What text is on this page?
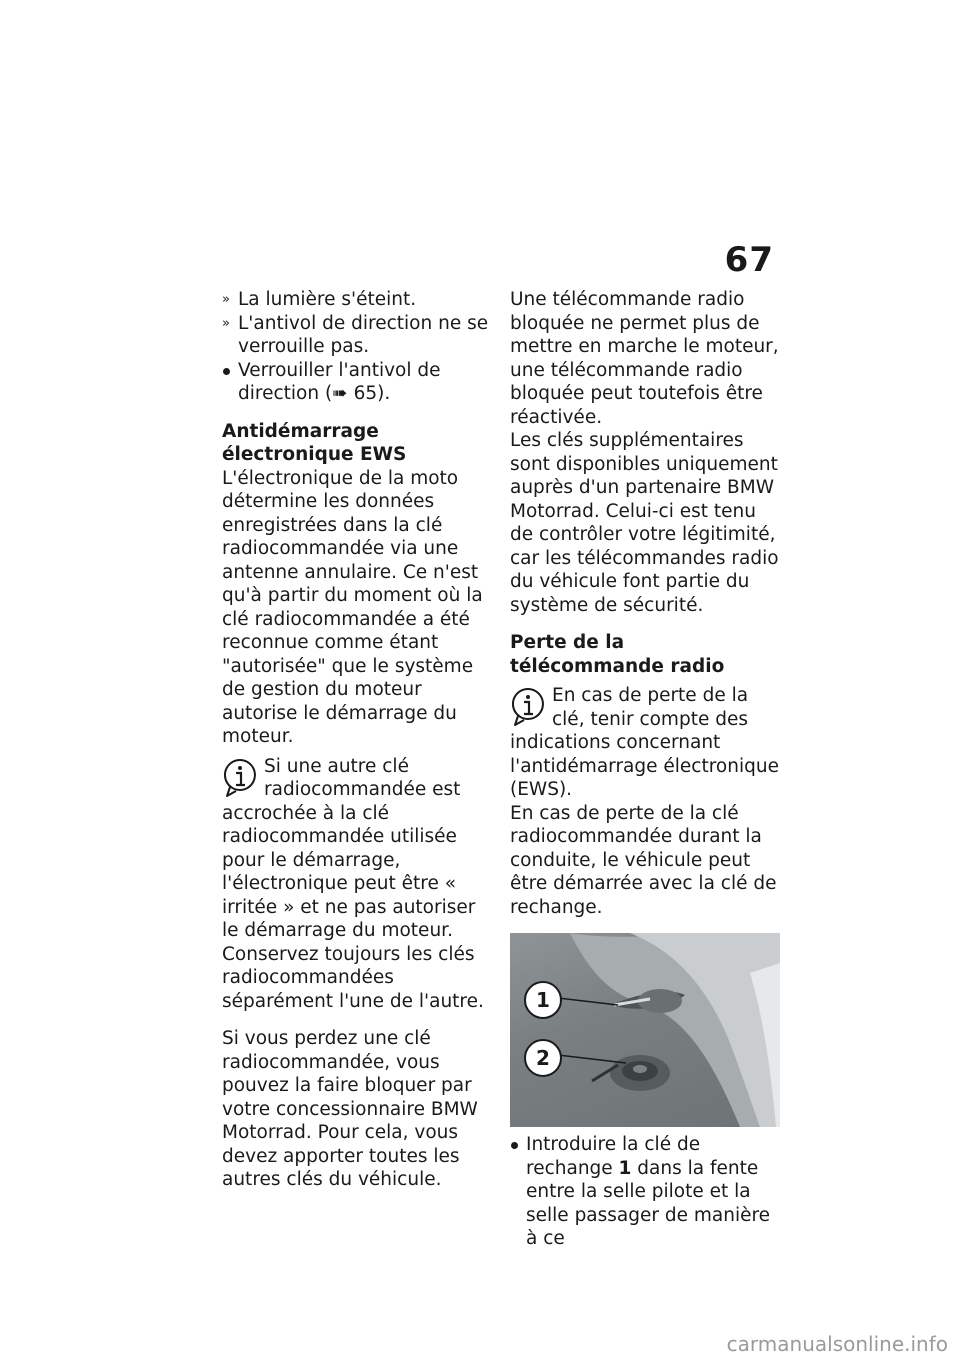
67
» La lumière s'éteint.
» L'antivol de direction ne se verrouille pas.
Verrouiller l'antivol de direction (➠ 65).

Antidémarrage électronique EWS

L'électronique de la moto détermine les données enregistrées dans la clé radiocommandée via une antenne annulaire. Ce n'est qu'à partir du moment où la clé radiocommandée a été reconnue comme étant "autorisée" que le système de gestion du moteur autorise le démarrage du moteur.

Si une autre clé radiocommandée est accrochée à la clé radiocommandée utilisée pour le démarrage, l'électronique peut être « irritée » et ne pas autoriser le démarrage du moteur.

Conservez toujours les clés radiocommandées séparément l'une de l'autre.

Si vous perdez une clé radiocommandée, vous pouvez la faire bloquer par votre concessionnaire BMW Motorrad. Pour cela, vous devez apporter toutes les autres clés du véhicule.

Une télécommande radio bloquée ne permet plus de mettre en marche le moteur, une télécommande radio bloquée peut toutefois être réactivée.

Les clés supplémentaires sont disponibles uniquement auprès d'un partenaire BMW Motorrad. Celui-ci est tenu de contrôler votre légitimité, car les télécommandes radio du véhicule font partie du système de sécurité.

Perte de la télécommande radio

En cas de perte de la clé, tenir compte des indications concernant l'antidémarrage électronique (EWS).

En cas de perte de la clé radiocommandée durant la conduite, le véhicule peut être démarrée avec la clé de rechange.

1
2
Introduire la clé de rechange 1 dans la fente entre la selle pilote et la selle passager de manière à ce
carmanualsonline.info
